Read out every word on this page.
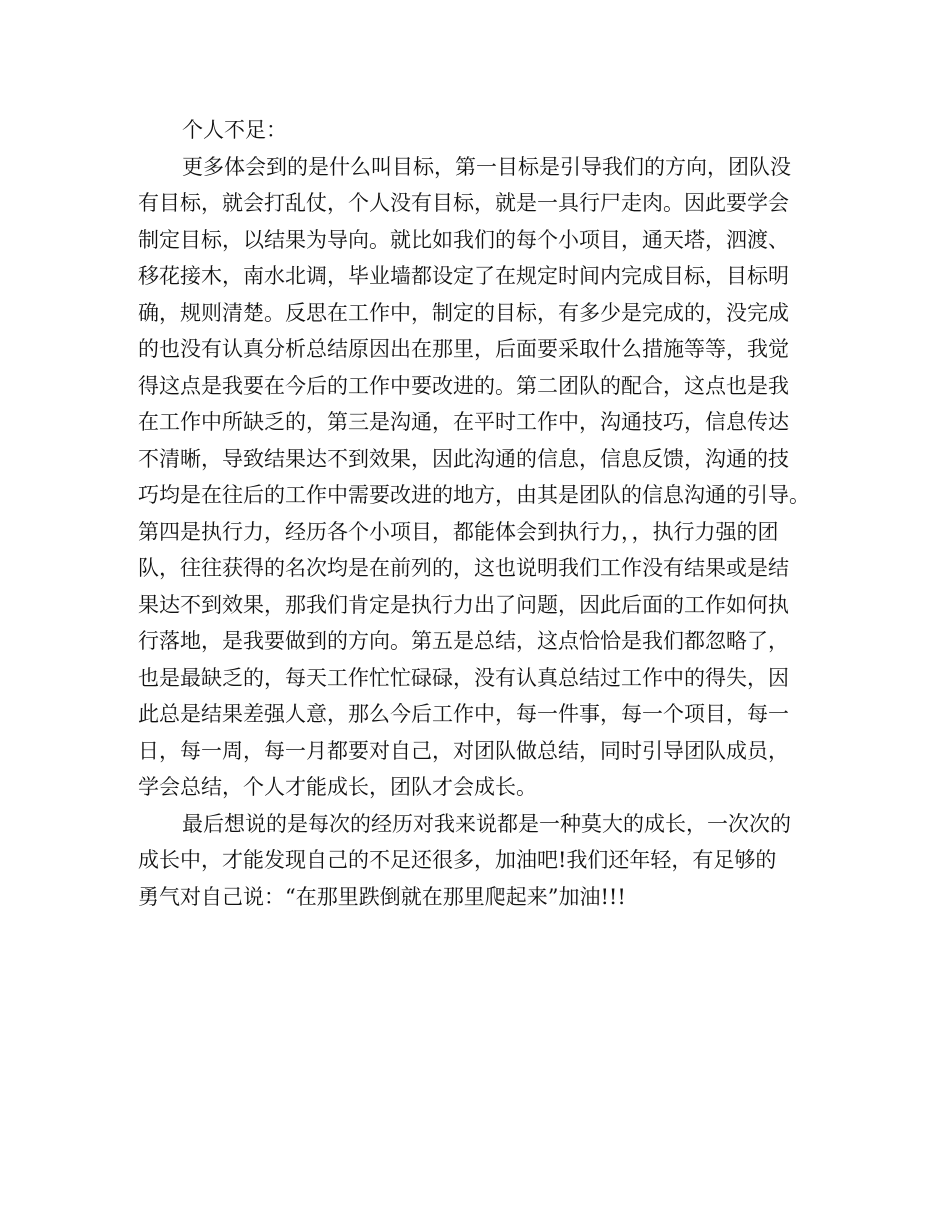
个人不足：
更多体会到的是什么叫目标，第一目标是引导我们的方向，团队没
有目标，就会打乱仗，个人没有目标，就是一具行尸走肉。因此要学会
制定目标，以结果为导向。就比如我们的每个小项目，通天塔，泗渡、
移花接木，南水北调，毕业墙都设定了在规定时间内完成目标，目标明
确，规则清楚。反思在工作中，制定的目标，有多少是完成的，没完成
的也没有认真分析总结原因出在那里，后面要采取什么措施等等，我觉
得这点是我要在今后的工作中要改进的。第二团队的配合，这点也是我
在工作中所缺乏的，第三是沟通，在平时工作中，沟通技巧，信息传达
不清晰，导致结果达不到效果，因此沟通的信息，信息反馈，沟通的技
巧均是在往后的工作中需要改进的地方，由其是团队的信息沟通的引导。
第四是执行力，经历各个小项目，都能体会到执行力，，执行力强的团
队，往往获得的名次均是在前列的，这也说明我们工作没有结果或是结
果达不到效果，那我们肯定是执行力出了问题，因此后面的工作如何执
行落地，是我要做到的方向。第五是总结，这点恰恰是我们都忽略了，
也是最缺乏的，每天工作忙忙碌碌，没有认真总结过工作中的得失，因
此总是结果差强人意，那么今后工作中，每一件事，每一个项目，每一
日，每一周，每一月都要对自己，对团队做总结，同时引导团队成员，
学会总结，个人才能成长，团队才会成长。
最后想说的是每次的经历对我来说都是一种莫大的成长，一次次的
成长中，才能发现自己的不足还很多，加油吧!我们还年轻，有足够的
勇气对自己说：“在那里跌倒就在那里爬起来”加油!!!
